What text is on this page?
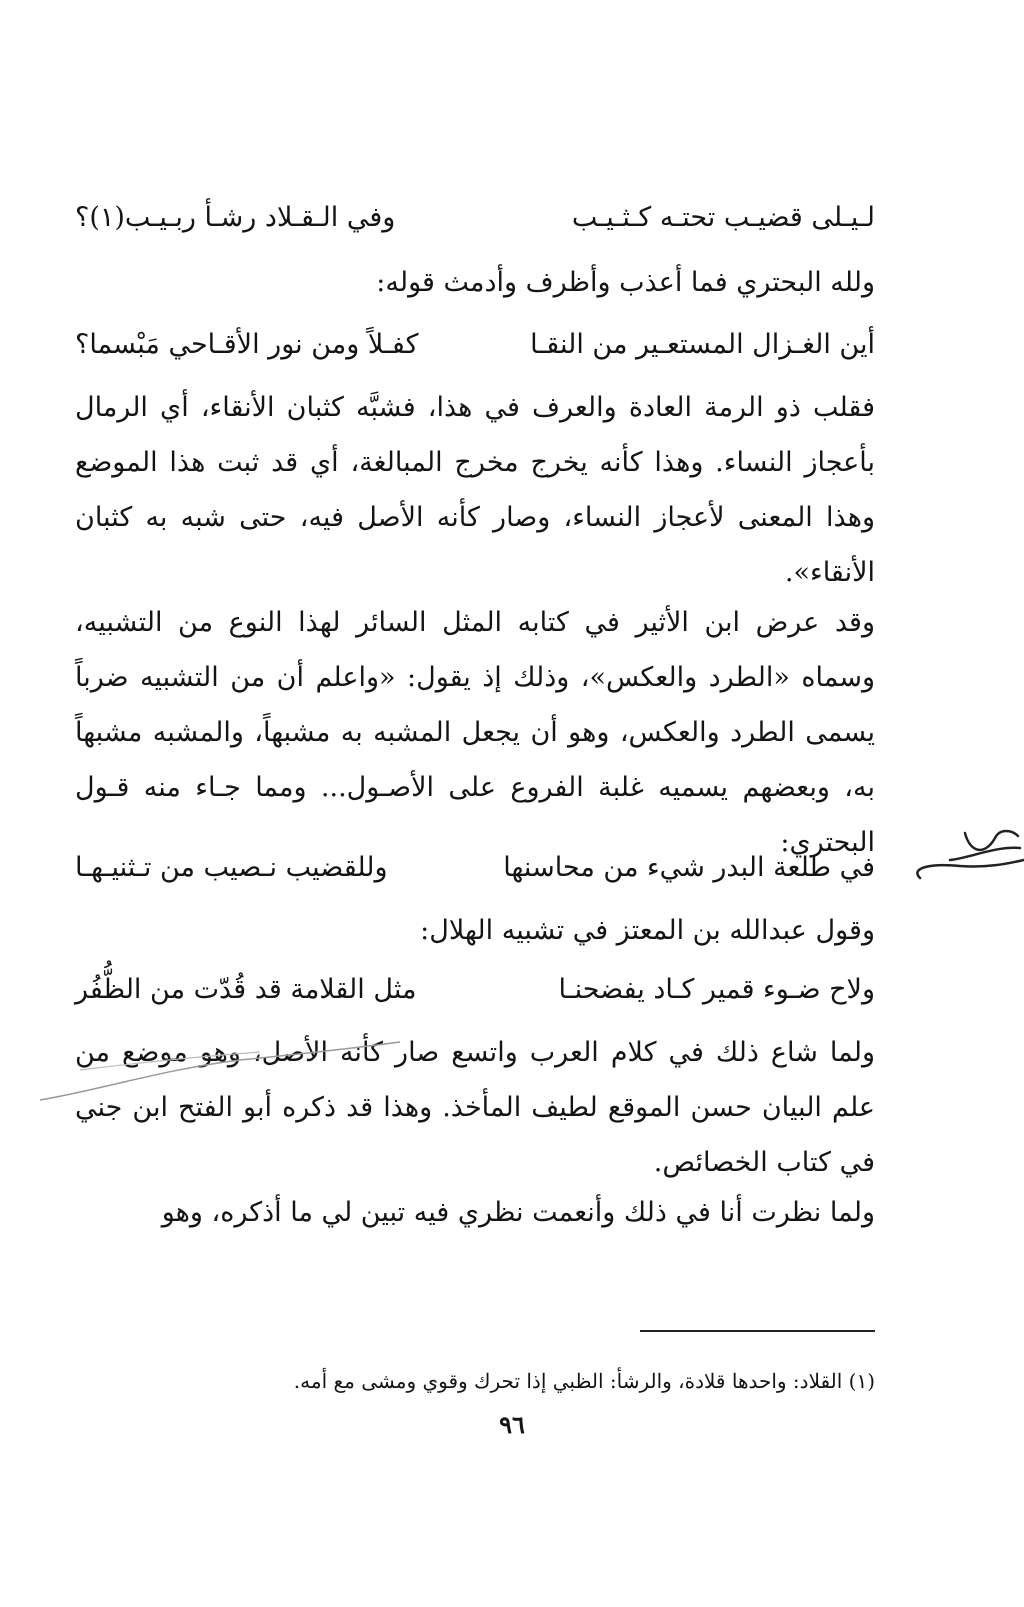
لـيـلى قضيـب تحتـه كـثـيـب
وفي الـقـلاد رشـأ ربـيـب(١)؟

ولله البحتري فما أعذب وأظرف وأدمث قوله:

أين الغـزال المستعـير من النقـا
كفـلاً ومن نور الأقـاحي مَبْسما؟

فقلب ذو الرمة العادة والعرف في هذا، فشبَّه كثبان الأنقاء، أي الرمال بأعجاز النساء. وهذا كأنه يخرج مخرج المبالغة، أي قد ثبت هذا الموضع وهذا المعنى لأعجاز النساء، وصار كأنه الأصل فيه، حتى شبه به كثبان الأنقاء».

وقد عرض ابن الأثير في كتابه المثل السائر لهذا النوع من التشبيه، وسماه «الطرد والعكس»، وذلك إذ يقول: «واعلم أن من التشبيه ضرباً يسمى الطرد والعكس، وهو أن يجعل المشبه به مشبهاً، والمشبه مشبهاً به، وبعضهم يسميه غلبة الفروع على الأصـول... ومما جـاء منه قـول البحتري:

في طلعة البدر شيء من محاسنها
وللقضيب نـصيب من تـثنيـهـا

وقول عبدالله بن المعتز في تشبيه الهلال:

ولاح ضـوء قمير كـاد يفضحنـا
مثل القلامة قد قُدّت من الظُّفُر

ولما شاع ذلك في كلام العرب واتسع صار كأنه الأصل، وهو موضع من علم البيان حسن الموقع لطيف المأخذ. وهذا قد ذكره أبو الفتح ابن جني في كتاب الخصائص.

ولما نظرت أنا في ذلك وأنعمت نظري فيه تبين لي ما أذكره، وهو

(١) القلاد: واحدها قلادة، والرشأ: الظبي إذا تحرك وقوي ومشى مع أمه.

٩٦
